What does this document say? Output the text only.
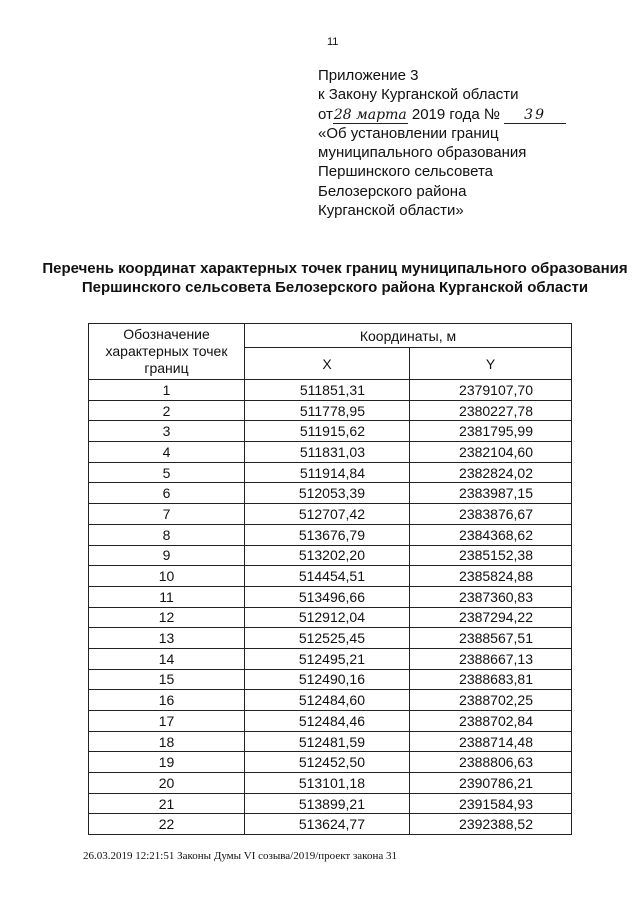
11
Приложение 3
к Закону Курганской области
от28 марта 2019 года № 39
«Об установлении границ
муниципального образования
Першинского сельсовета
Белозерского района
Курганской области»
Перечень координат характерных точек границ муниципального образования Першинского сельсовета Белозерского района Курганской области
Обозначение характерных точек границ	Координаты, м	
	X	Y
1	511851,31	2379107,70
2	511778,95	2380227,78
3	511915,62	2381795,99
4	511831,03	2382104,60
5	511914,84	2382824,02
6	512053,39	2383987,15
7	512707,42	2383876,67
8	513676,79	2384368,62
9	513202,20	2385152,38
10	514454,51	2385824,88
11	513496,66	2387360,83
12	512912,04	2387294,22
13	512525,45	2388567,51
14	512495,21	2388667,13
15	512490,16	2388683,81
16	512484,60	2388702,25
17	512484,46	2388702,84
18	512481,59	2388714,48
19	512452,50	2388806,63
20	513101,18	2390786,21
21	513899,21	2391584,93
22	513624,77	2392388,52
26.03.2019 12:21:51 Законы Думы VI созыва/2019/проект закона 31
